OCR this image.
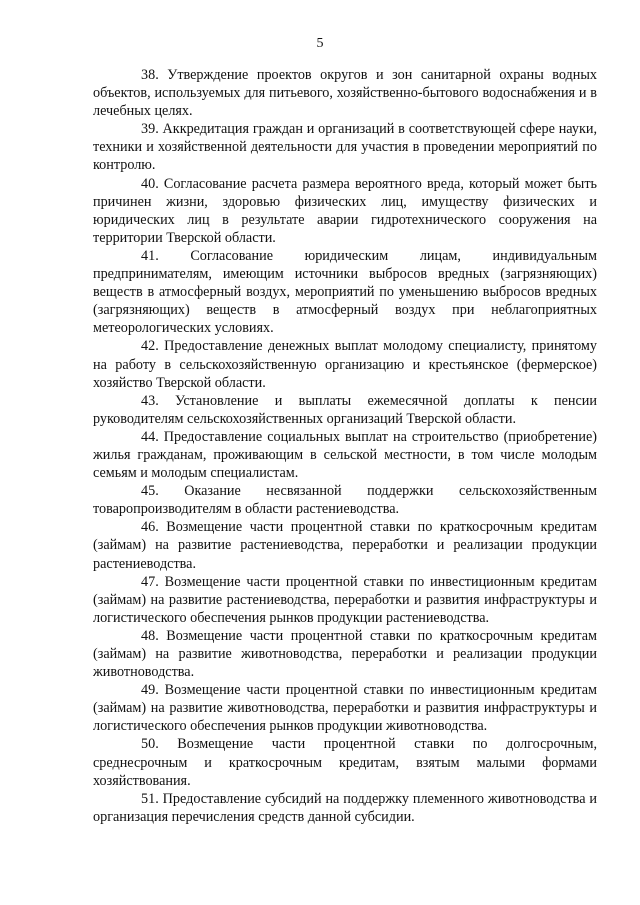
5

38. Утверждение проектов округов и зон санитарной охраны водных объектов, используемых для питьевого, хозяйственно-бытового водоснабжения и в лечебных целях.

39. Аккредитация граждан и организаций в соответствующей сфере науки, техники и хозяйственной деятельности для участия в проведении мероприятий по контролю.

40. Согласование расчета размера вероятного вреда, который может быть причинен жизни, здоровью физических лиц, имуществу физических и юридических лиц в результате аварии гидротехнического сооружения на территории Тверской области.

41. Согласование юридическим лицам, индивидуальным предпринимателям, имеющим источники выбросов вредных (загрязняющих) веществ в атмосферный воздух, мероприятий по уменьшению выбросов вредных (загрязняющих) веществ в атмосферный воздух при неблагоприятных метеорологических условиях.

42. Предоставление денежных выплат молодому специалисту, принятому на работу в сельскохозяйственную организацию и крестьянское (фермерское) хозяйство Тверской области.

43. Установление и выплаты ежемесячной доплаты к пенсии руководителям сельскохозяйственных организаций Тверской области.

44. Предоставление социальных выплат на строительство (приобретение) жилья гражданам, проживающим в сельской местности, в том числе молодым семьям и молодым специалистам.

45. Оказание несвязанной поддержки сельскохозяйственным товаропроизводителям в области растениеводства.

46. Возмещение части процентной ставки по краткосрочным кредитам (займам) на развитие растениеводства, переработки и реализации продукции растениеводства.

47. Возмещение части процентной ставки по инвестиционным кредитам (займам) на развитие растениеводства, переработки и развития инфраструктуры и логистического обеспечения рынков продукции растениеводства.

48. Возмещение части процентной ставки по краткосрочным кредитам (займам) на развитие животноводства, переработки и реализации продукции животноводства.

49. Возмещение части процентной ставки по инвестиционным кредитам (займам) на развитие животноводства, переработки и развития инфраструктуры и логистического обеспечения рынков продукции животноводства.

50. Возмещение части процентной ставки по долгосрочным, среднесрочным и краткосрочным кредитам, взятым малыми формами хозяйствования.

51. Предоставление субсидий на поддержку племенного животноводства и организация перечисления средств данной субсидии.
